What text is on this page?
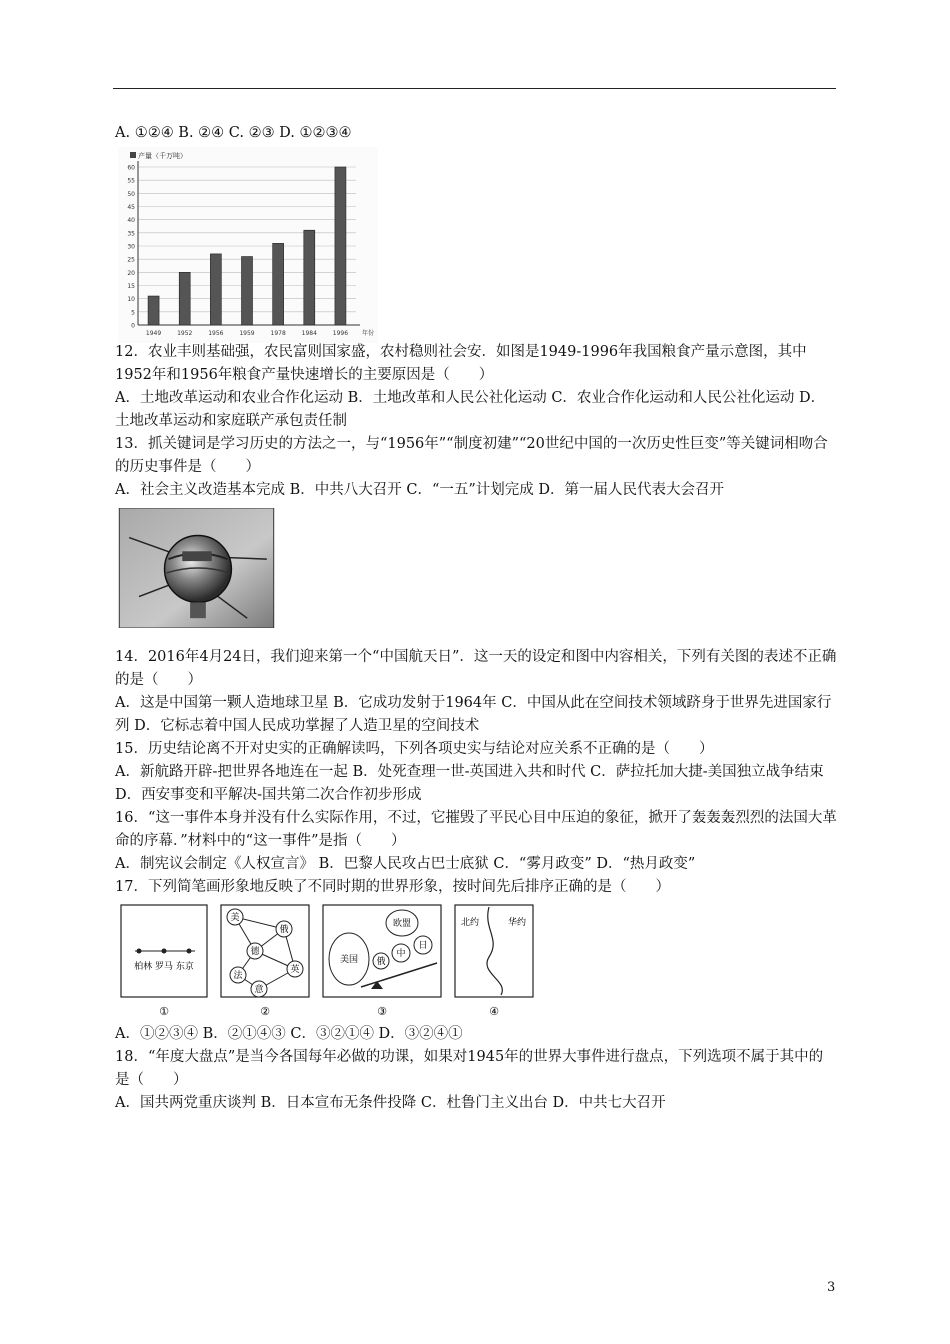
A. ①②④ B. ②④ C. ②③ D. ①②③④

0
5
10
15
20
25
30
35
40
45
50
55
60
产量（千万吨）
1949	1952	1956	1959	1978	1984	1996 年份

12．农业丰则基础强，农民富则国家盛，农村稳则社会安．如图是1949-1996年我国粮食产量示意图，其中1952年和1956年粮食产量快速增长的主要原因是（　　）

A．土地改革运动和农业合作化运动 B．土地改革和人民公社化运动 C．农业合作化运动和人民公社化运动 D．土地改革运动和家庭联产承包责任制

13．抓关键词是学习历史的方法之一，与“1956年”“制度初建”“20世纪中国的一次历史性巨变”等关键词相吻合的历史事件是（　　）

A．社会主义改造基本完成 B．中共八大召开 C．“一五”计划完成 D．第一届人民代表大会召开

14．2016年4月24日，我们迎来第一个“中国航天日”．这一天的设定和图中内容相关，下列有关图的表述不正确的是（　　）

A．这是中国第一颗人造地球卫星 B．它成功发射于1964年 C．中国从此在空间技术领域跻身于世界先进国家行列 D．它标志着中国人民成功掌握了人造卫星的空间技术

15．历史结论离不开对史实的正确解读吗，下列各项史实与结论对应关系不正确的是（　　）

A．新航路开辟-把世界各地连在一起 B．处死查理一世-英国进入共和时代 C．萨拉托加大捷-美国独立战争结束 D．西安事变和平解决-国共第二次合作初步形成

16．“这一事件本身并没有什么实际作用，不过，它摧毁了平民心目中压迫的象征，掀开了轰轰轰烈烈的法国大革命的序幕．”材料中的“这一事件”是指（　　）

A．制宪议会制定《人权宣言》 B．巴黎人民攻占巴士底狱 C．“雾月政变” D．“热月政变”

17．下列简笔画形象地反映了不同时期的世界形象，按时间先后排序正确的是（　　）

柏林 罗马 东京
①
美
俄
德
英
法
意
②
美国
欧盟
俄
中
日
③
北约	华约
④

A．①②③④ B．②①④③ C．③②①④ D．③②④①

18．“年度大盘点”是当今各国每年必做的功课，如果对1945年的世界大事件进行盘点，下列选项不属于其中的是（　　）

A．国共两党重庆谈判 B．日本宣布无条件投降 C．杜鲁门主义出台 D．中共七大召开

3
